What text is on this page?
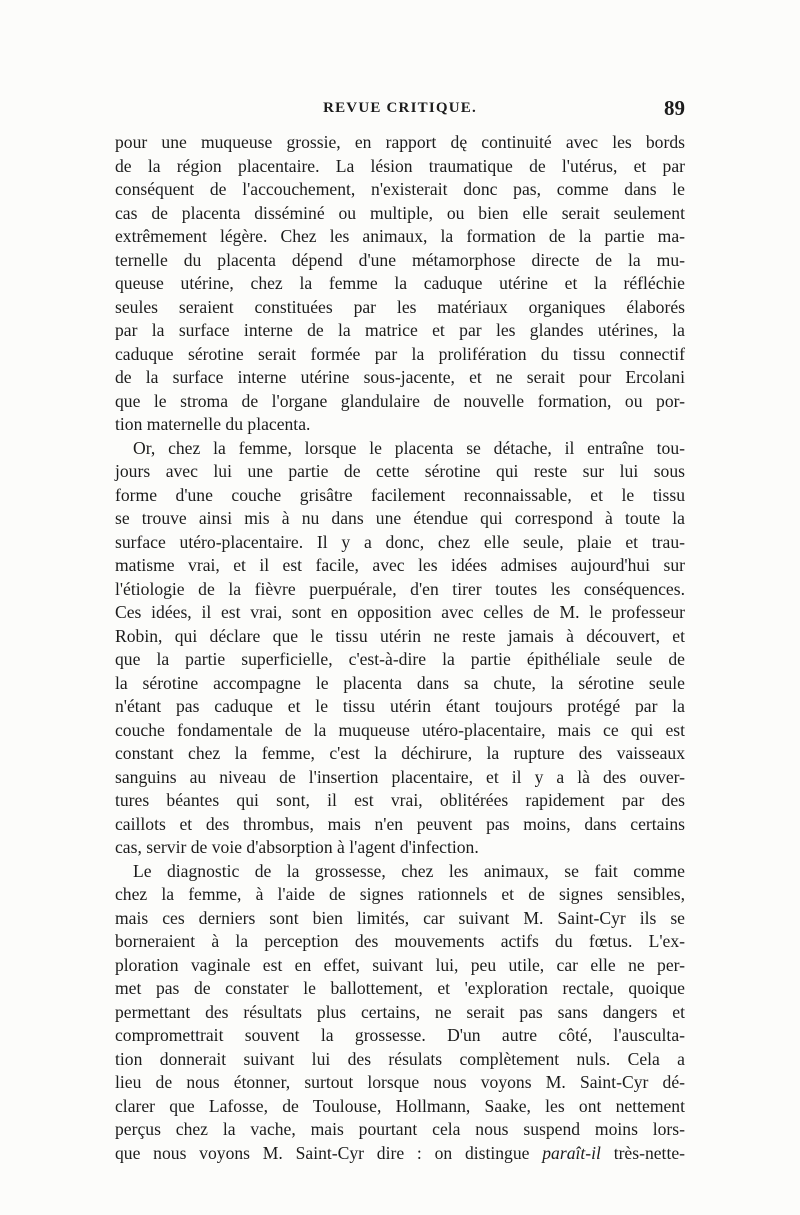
REVUE CRITIQUE.	89
pour une muqueuse grossie, en rapport dę continuité avec les bords
de la région placentaire. La lésion traumatique de l'utérus, et par
conséquent de l'accouchement, n'existerait donc pas, comme dans le
cas de placenta disséminé ou multiple, ou bien elle serait seulement
extrêmement légère. Chez les animaux, la formation de la partie ma-
ternelle du placenta dépend d'une métamorphose directe de la mu-
queuse utérine, chez la femme la caduque utérine et la réfléchie
seules seraient constituées par les matériaux organiques élaborés
par la surface interne de la matrice et par les glandes utérines, la
caduque sérotine serait formée par la prolifération du tissu connectif
de la surface interne utérine sous-jacente, et ne serait pour Ercolani
que le stroma de l'organe glandulaire de nouvelle formation, ou por-
tion maternelle du placenta.
Or, chez la femme, lorsque le placenta se détache, il entraîne tou-
jours avec lui une partie de cette sérotine qui reste sur lui sous
forme d'une couche grisâtre facilement reconnaissable, et le tissu
se trouve ainsi mis à nu dans une étendue qui correspond à toute la
surface utéro-placentaire. Il y a donc, chez elle seule, plaie et trau-
matisme vrai, et il est facile, avec les idées admises aujourd'hui sur
l'étiologie de la fièvre puerpuérale, d'en tirer toutes les conséquences.
Ces idées, il est vrai, sont en opposition avec celles de M. le professeur
Robin, qui déclare que le tissu utérin ne reste jamais à découvert, et
que la partie superficielle, c'est-à-dire la partie épithéliale seule de
la sérotine accompagne le placenta dans sa chute, la sérotine seule
n'étant pas caduque et le tissu utérin étant toujours protégé par la
couche fondamentale de la muqueuse utéro-placentaire, mais ce qui est
constant chez la femme, c'est la déchirure, la rupture des vaisseaux
sanguins au niveau de l'insertion placentaire, et il y a là des ouver-
tures béantes qui sont, il est vrai, oblitérées rapidement par des
caillots et des thrombus, mais n'en peuvent pas moins, dans certains
cas, servir de voie d'absorption à l'agent d'infection.
Le diagnostic de la grossesse, chez les animaux, se fait comme
chez la femme, à l'aide de signes rationnels et de signes sensibles,
mais ces derniers sont bien limités, car suivant M. Saint-Cyr ils se
borneraient à la perception des mouvements actifs du fœtus. L'ex-
ploration vaginale est en effet, suivant lui, peu utile, car elle ne per-
met pas de constater le ballottement, et 'exploration rectale, quoique
permettant des résultats plus certains, ne serait pas sans dangers et
compromettrait souvent la grossesse. D'un autre côté, l'ausculta-
tion donnerait suivant lui des résulats complètement nuls. Cela a
lieu de nous étonner, surtout lorsque nous voyons M. Saint-Cyr dé-
clarer que Lafosse, de Toulouse, Hollmann, Saake, les ont nettement
perçus chez la vache, mais pourtant cela nous suspend moins lors-
que nous voyons M. Saint-Cyr dire : on distingue paraît-il très-nette-
